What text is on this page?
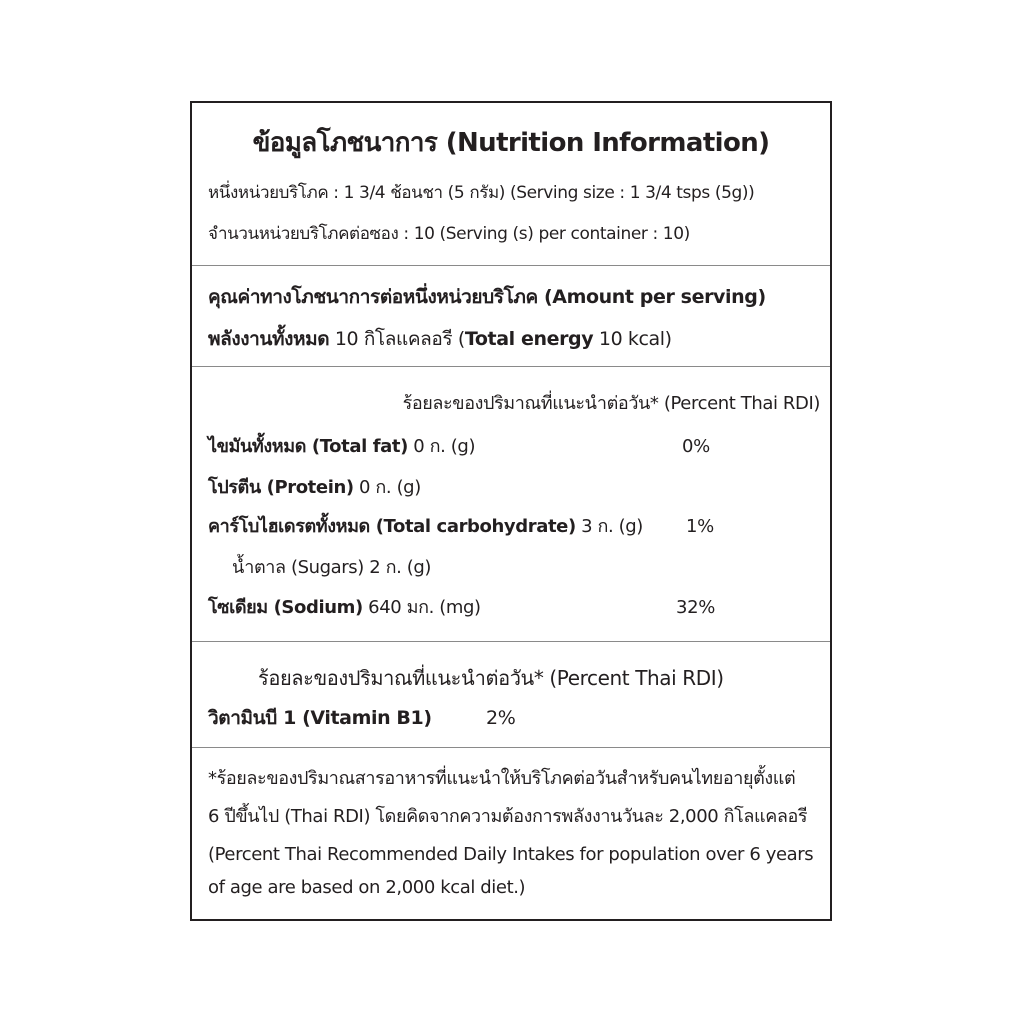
ข้อมูลโภชนาการ (Nutrition Information)
หนึ่งหน่วยบริโภค : 1 3/4 ช้อนชา (5 กรัม) (Serving size : 1 3/4 tsps (5g))
จำนวนหน่วยบริโภคต่อซอง : 10 (Serving (s) per container : 10)
คุณค่าทางโภชนาการต่อหนึ่งหน่วยบริโภค (Amount per serving)
พลังงานทั้งหมด 10 กิโลแคลอรี (Total energy 10 kcal)
ร้อยละของปริมาณที่แนะนำต่อวัน* (Percent Thai RDI)
ไขมันทั้งหมด (Total fat) 0 ก. (g)	0%
โปรตีน (Protein) 0 ก. (g)
คาร์โบไฮเดรตทั้งหมด (Total carbohydrate) 3 ก. (g)	1%
น้ำตาล (Sugars) 2 ก. (g)
โซเดียม (Sodium) 640 มก. (mg)	32%
ร้อยละของปริมาณที่แนะนำต่อวัน* (Percent Thai RDI)
วิตามินบี 1 (Vitamin B1)	2%
*ร้อยละของปริมาณสารอาหารที่แนะนำให้บริโภคต่อวันสำหรับคนไทยอายุตั้งแต่
6 ปีขึ้นไป (Thai RDI) โดยคิดจากความต้องการพลังงานวันละ 2,000 กิโลแคลอรี
(Percent Thai Recommended Daily Intakes for population over 6 years
of age are based on 2,000 kcal diet.)
